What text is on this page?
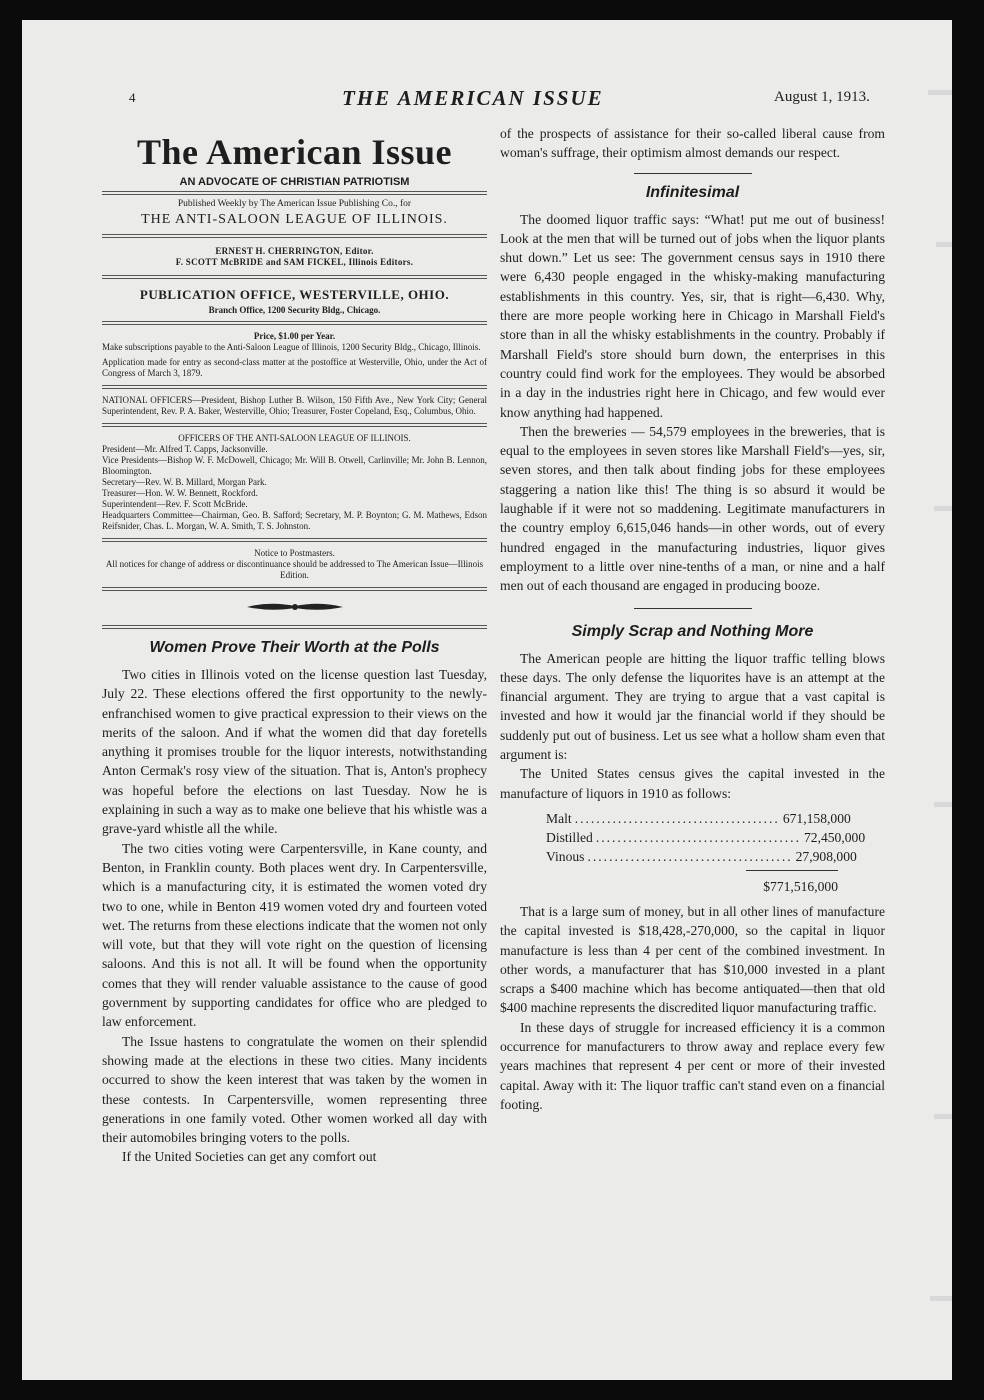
4	THE AMERICAN ISSUE	August 1, 1913.
The American Issue
AN ADVOCATE OF CHRISTIAN PATRIOTISM
Published Weekly by The American Issue Publishing Co., for
THE ANTI-SALOON LEAGUE OF ILLINOIS.
ERNEST H. CHERRINGTON, Editor.
F. SCOTT McBRIDE and SAM FICKEL, Illinois Editors.
PUBLICATION OFFICE, WESTERVILLE, OHIO.
Branch Office, 1200 Security Bldg., Chicago.

Price, $1.00 per Year.

Make subscriptions payable to the Anti-Saloon League of Illinois, 1200 Security Bldg., Chicago, Illinois.

Application made for entry as second-class matter at the postoffice at Westerville, Ohio, under the Act of Congress of March 3, 1879.

NATIONAL OFFICERS—President, Bishop Luther B. Wilson, 150 Fifth Ave., New York City; General Superintendent, Rev. P. A. Baker, Westerville, Ohio; Treasurer, Foster Copeland, Esq., Columbus, Ohio.

OFFICERS OF THE ANTI-SALOON LEAGUE OF ILLINOIS.

President—Mr. Alfred T. Capps, Jacksonville.

Vice Presidents—Bishop W. F. McDowell, Chicago; Mr. Will B. Otwell, Carlinville; Mr. John B. Lennon, Bloomington.

Secretary—Rev. W. B. Millard, Morgan Park.

Treasurer—Hon. W. W. Bennett, Rockford.

Superintendent—Rev. F. Scott McBride.

Headquarters Committee—Chairman, Geo. B. Safford; Secretary, M. P. Boynton; G. M. Mathews, Edson Reifsnider, Chas. L. Morgan, W. A. Smith, T. S. Johnston.

Notice to Postmasters.

All notices for change of address or discontinuance should be addressed to The American Issue—Illinois Edition.

Women Prove Their Worth at the Polls

Two cities in Illinois voted on the license question last Tuesday, July 22. These elections offered the first opportunity to the newly-enfranchised women to give practical expression to their views on the merits of the saloon. And if what the women did that day foretells anything it promises trouble for the liquor interests, notwithstanding Anton Cermak's rosy view of the situation. That is, Anton's prophecy was hopeful before the elections on last Tuesday. Now he is explaining in such a way as to make one believe that his whistle was a grave-yard whistle all the while.

The two cities voting were Carpentersville, in Kane county, and Benton, in Franklin county. Both places went dry. In Carpentersville, which is a manufacturing city, it is estimated the women voted dry two to one, while in Benton 419 women voted dry and fourteen voted wet. The returns from these elections indicate that the women not only will vote, but that they will vote right on the question of licensing saloons. And this is not all. It will be found when the opportunity comes that they will render valuable assistance to the cause of good government by supporting candidates for office who are pledged to law enforcement.

The Issue hastens to congratulate the women on their splendid showing made at the elections in these two cities. Many incidents occurred to show the keen interest that was taken by the women in these contests. In Carpentersville, women representing three generations in one family voted. Other women worked all day with their automobiles bringing voters to the polls.

If the United Societies can get any comfort out

of the prospects of assistance for their so-called liberal cause from woman's suffrage, their optimism almost demands our respect.

Infinitesimal

The doomed liquor traffic says: “What! put me out of business! Look at the men that will be turned out of jobs when the liquor plants shut down.” Let us see: The government census says in 1910 there were 6,430 people engaged in the whisky-making manufacturing establishments in this country. Yes, sir, that is right—6,430. Why, there are more people working here in Chicago in Marshall Field's store than in all the whisky establishments in the country. Probably if Marshall Field's store should burn down, the enterprises in this country could find work for the employees. They would be absorbed in a day in the industries right here in Chicago, and few would ever know anything had happened.

Then the breweries — 54,579 employees in the breweries, that is equal to the employees in seven stores like Marshall Field's—yes, sir, seven stores, and then talk about finding jobs for these employees staggering a nation like this! The thing is so absurd it would be laughable if it were not so maddening. Legitimate manufacturers in the country employ 6,615,046 hands—in other words, out of every hundred engaged in the manufacturing industries, liquor gives employment to a little over nine-tenths of a man, or nine and a half men out of each thousand are engaged in producing booze.

Simply Scrap and Nothing More

The American people are hitting the liquor traffic telling blows these days. The only defense the liquorites have is an attempt at the financial argument. They are trying to argue that a vast capital is invested and how it would jar the financial world if they should be suddenly put out of business. Let us see what a hollow sham even that argument is:

The United States census gives the capital invested in the manufacture of liquors in 1910 as follows:

Malt ...................................... 671,158,000
Distilled ...................................... 72,450,000
Vinous ...................................... 27,908,000
$771,516,000

That is a large sum of money, but in all other lines of manufacture the capital invested is $18,428,-270,000, so the capital in liquor manufacture is less than 4 per cent of the combined investment. In other words, a manufacturer that has $10,000 invested in a plant scraps a $400 machine which has become antiquated—then that old $400 machine represents the discredited liquor manufacturing traffic.

In these days of struggle for increased efficiency it is a common occurrence for manufacturers to throw away and replace every few years machines that represent 4 per cent or more of their invested capital. Away with it: The liquor traffic can't stand even on a financial footing.
